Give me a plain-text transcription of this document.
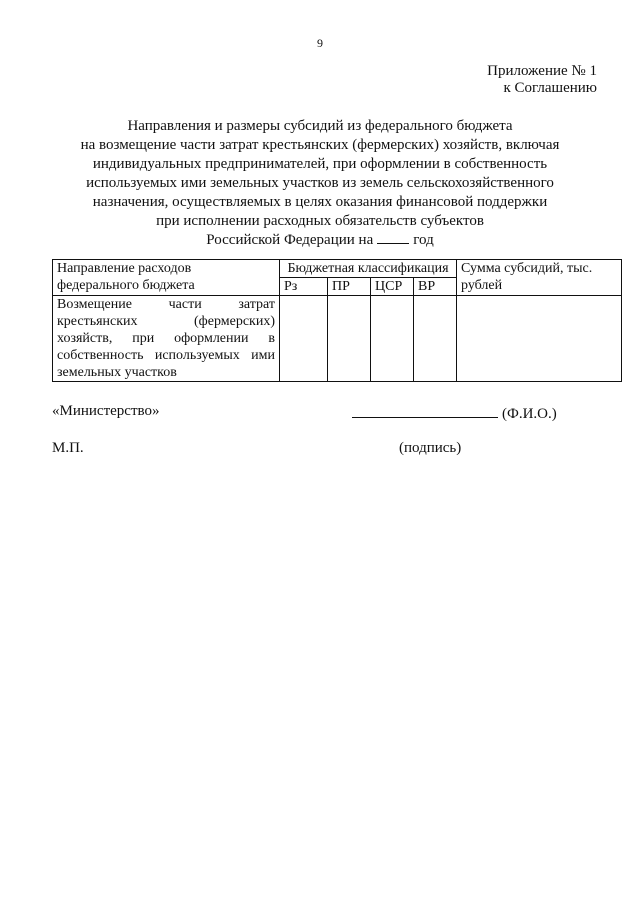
9
Приложение № 1
к Соглашению
Направления и размеры субсидий из федерального бюджета
на возмещение части затрат крестьянских (фермерских) хозяйств, включая
индивидуальных предпринимателей, при оформлении в собственность
используемых ими земельных участков из земель сельскохозяйственного
назначения, осуществляемых в целях оказания финансовой поддержки
при исполнении расходных обязательств субъектов
Российской Федерации на	год
Направление расходов федерального бюджета	Бюджетная классификация				Сумма субсидий, тыс. рублей
	Рз	ПР	ЦСР	ВР	
Возмещение части затрат крестьянских (фермерских) хозяйств, при оформлении в собственность используемых ими земельных участков					
«Министерство»	(Ф.И.О.)
М.П.	(подпись)
